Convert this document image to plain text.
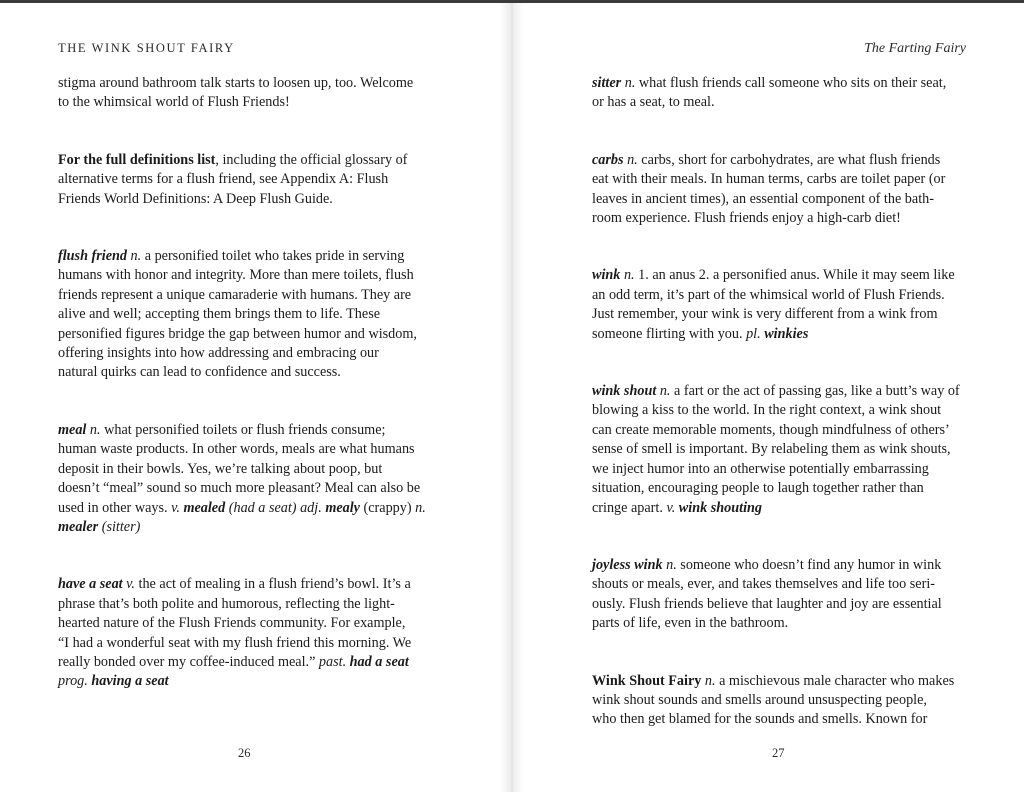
THE WINK SHOUT FAIRY

stigma around bathroom talk starts to loosen up, too. Welcome
to the whimsical world of Flush Friends!

For the full definitions list, including the official glossary of
alternative terms for a flush friend, see Appendix A: Flush
Friends World Definitions: A Deep Flush Guide.

flush friend n. a personified toilet who takes pride in serving
humans with honor and integrity. More than mere toilets, flush
friends represent a unique camaraderie with humans. They are
alive and well; accepting them brings them to life. These
personified figures bridge the gap between humor and wisdom,
offering insights into how addressing and embracing our
natural quirks can lead to confidence and success.

meal n. what personified toilets or flush friends consume;
human waste products. In other words, meals are what humans
deposit in their bowls. Yes, we’re talking about poop, but
doesn’t “meal” sound so much more pleasant? Meal can also be
used in other ways. v. mealed (had a seat) adj. mealy (crappy) n.
mealer (sitter)

have a seat v. the act of mealing in a flush friend’s bowl. It’s a
phrase that’s both polite and humorous, reflecting the light-
hearted nature of the Flush Friends community. For example,
“I had a wonderful seat with my flush friend this morning. We
really bonded over my coffee-induced meal.” past. had a seat
prog. having a seat

26
The Farting Fairy

sitter n. what flush friends call someone who sits on their seat,
or has a seat, to meal.

carbs n. carbs, short for carbohydrates, are what flush friends
eat with their meals. In human terms, carbs are toilet paper (or
leaves in ancient times), an essential component of the bath-
room experience. Flush friends enjoy a high-carb diet!

wink n. 1. an anus 2. a personified anus. While it may seem like
an odd term, it’s part of the whimsical world of Flush Friends.
Just remember, your wink is very different from a wink from
someone flirting with you. pl. winkies

wink shout n. a fart or the act of passing gas, like a butt’s way of
blowing a kiss to the world. In the right context, a wink shout
can create memorable moments, though mindfulness of others’
sense of smell is important. By relabeling them as wink shouts,
we inject humor into an otherwise potentially embarrassing
situation, encouraging people to laugh together rather than
cringe apart. v. wink shouting

joyless wink n. someone who doesn’t find any humor in wink
shouts or meals, ever, and takes themselves and life too seri-
ously. Flush friends believe that laughter and joy are essential
parts of life, even in the bathroom.

Wink Shout Fairy n. a mischievous male character who makes
wink shout sounds and smells around unsuspecting people,
who then get blamed for the sounds and smells. Known for

27
